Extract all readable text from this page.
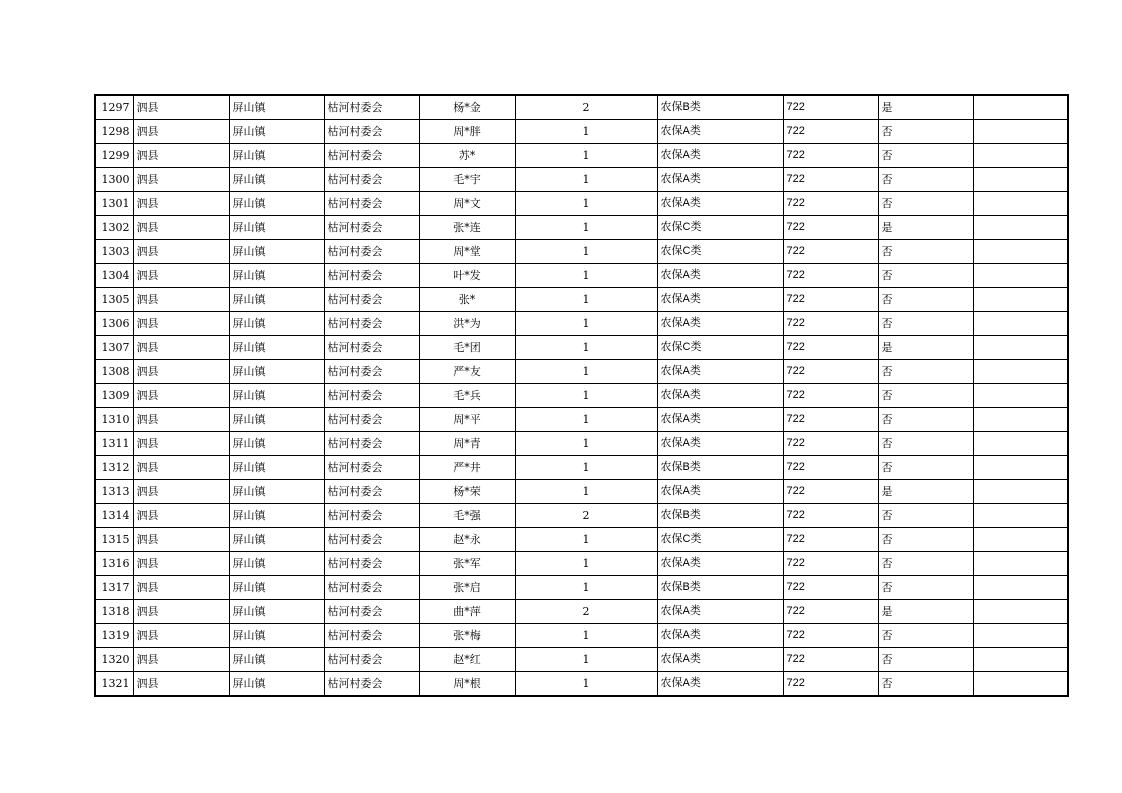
1297	泗县	屏山镇	枯河村委会	杨*金	2	农保B类	722	是	
1298	泗县	屏山镇	枯河村委会	周*胖	1	农保A类	722	否	
1299	泗县	屏山镇	枯河村委会	苏*	1	农保A类	722	否	
1300	泗县	屏山镇	枯河村委会	毛*宇	1	农保A类	722	否	
1301	泗县	屏山镇	枯河村委会	周*文	1	农保A类	722	否	
1302	泗县	屏山镇	枯河村委会	张*连	1	农保C类	722	是	
1303	泗县	屏山镇	枯河村委会	周*堂	1	农保C类	722	否	
1304	泗县	屏山镇	枯河村委会	叶*发	1	农保A类	722	否	
1305	泗县	屏山镇	枯河村委会	张*	1	农保A类	722	否	
1306	泗县	屏山镇	枯河村委会	洪*为	1	农保A类	722	否	
1307	泗县	屏山镇	枯河村委会	毛*团	1	农保C类	722	是	
1308	泗县	屏山镇	枯河村委会	严*友	1	农保A类	722	否	
1309	泗县	屏山镇	枯河村委会	毛*兵	1	农保A类	722	否	
1310	泗县	屏山镇	枯河村委会	周*平	1	农保A类	722	否	
1311	泗县	屏山镇	枯河村委会	周*青	1	农保A类	722	否	
1312	泗县	屏山镇	枯河村委会	严*井	1	农保B类	722	否	
1313	泗县	屏山镇	枯河村委会	杨*荣	1	农保A类	722	是	
1314	泗县	屏山镇	枯河村委会	毛*强	2	农保B类	722	否	
1315	泗县	屏山镇	枯河村委会	赵*永	1	农保C类	722	否	
1316	泗县	屏山镇	枯河村委会	张*军	1	农保A类	722	否	
1317	泗县	屏山镇	枯河村委会	张*启	1	农保B类	722	否	
1318	泗县	屏山镇	枯河村委会	曲*萍	2	农保A类	722	是	
1319	泗县	屏山镇	枯河村委会	张*梅	1	农保A类	722	否	
1320	泗县	屏山镇	枯河村委会	赵*红	1	农保A类	722	否	
1321	泗县	屏山镇	枯河村委会	周*根	1	农保A类	722	否	
